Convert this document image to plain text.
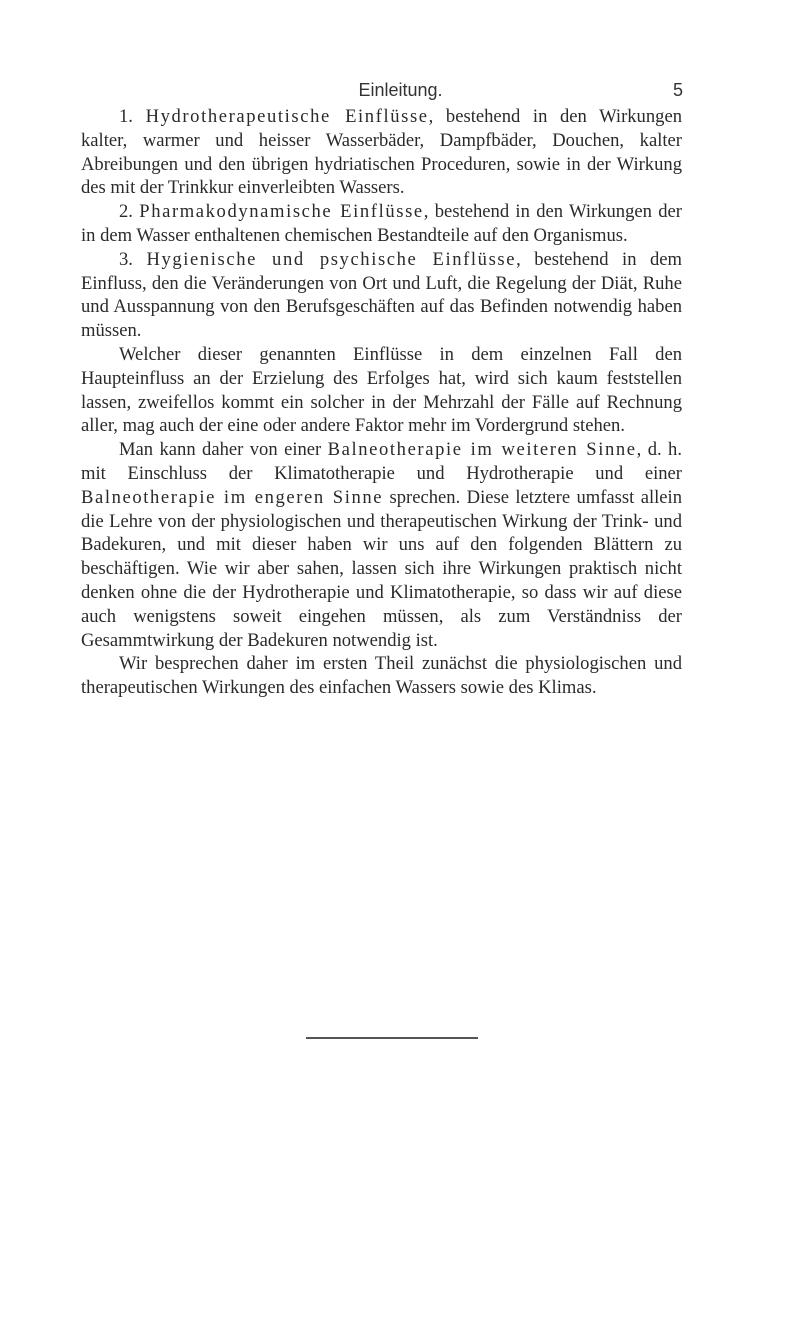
Einleitung.	5

1. Hydrotherapeutische Einflüsse, bestehend in den Wirkungen kalter, warmer und heisser Wasserbäder, Dampfbäder, Douchen, kalter Abreibungen und den übrigen hydriatischen Proceduren, sowie in der Wirkung des mit der Trinkkur einverleibten Wassers.

2. Pharmakodynamische Einflüsse, bestehend in den Wirkungen der in dem Wasser enthaltenen chemischen Bestandteile auf den Organismus.

3. Hygienische und psychische Einflüsse, bestehend in dem Einfluss, den die Veränderungen von Ort und Luft, die Regelung der Diät, Ruhe und Ausspannung von den Berufsgeschäften auf das Befinden notwendig haben müssen.

Welcher dieser genannten Einflüsse in dem einzelnen Fall den Haupteinfluss an der Erzielung des Erfolges hat, wird sich kaum feststellen lassen, zweifellos kommt ein solcher in der Mehrzahl der Fälle auf Rechnung aller, mag auch der eine oder andere Faktor mehr im Vordergrund stehen.

Man kann daher von einer Balneotherapie im weiteren Sinne, d. h. mit Einschluss der Klimatotherapie und Hydrotherapie und einer Balneotherapie im engeren Sinne sprechen. Diese letztere umfasst allein die Lehre von der physiologischen und therapeutischen Wirkung der Trink- und Badekuren, und mit dieser haben wir uns auf den folgenden Blättern zu beschäftigen. Wie wir aber sahen, lassen sich ihre Wirkungen praktisch nicht denken ohne die der Hydrotherapie und Klimatotherapie, so dass wir auf diese auch wenigstens soweit eingehen müssen, als zum Verständniss der Gesammtwirkung der Badekuren notwendig ist.

Wir besprechen daher im ersten Theil zunächst die physiologischen und therapeutischen Wirkungen des einfachen Wassers sowie des Klimas.
